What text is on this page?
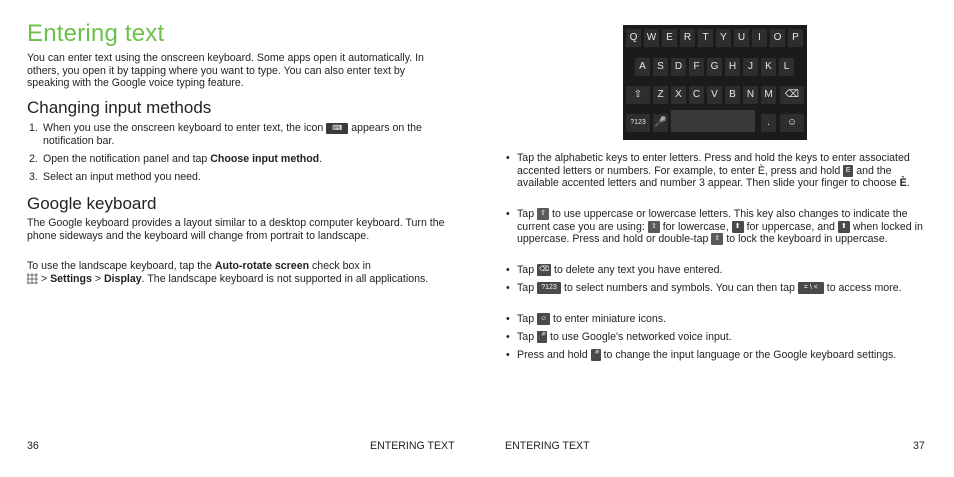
Entering text

You can enter text using the onscreen keyboard. Some apps open it automatically. In others, you open it by tapping where you want to type. You can also enter text by speaking with the Google voice typing feature.

Changing input methods
1. When you use the onscreen keyboard to enter text, the icon ⌨ appears on the notification bar.
2. Open the notification panel and tap Choose input method.
3. Select an input method you need.
Google keyboard

The Google keyboard provides a layout similar to a desktop computer keyboard. Turn the phone sideways and the keyboard will change from portrait to landscape.

To use the landscape keyboard, tap the Auto-rotate screen check box in
> Settings > Display. The landscape keyboard is not supported in all applications.

36	ENTERING TEXT
Q W E	R	T	Y	U	I	O	P
A	S	D	F	G	H	J	K	L
⇧	Z	X	C	V	B	N	M	⌫
?123 🎤	.	☺
• Tap the alphabetic keys to enter letters. Press and hold the keys to enter associated accented letters or numbers. For example, to enter È, press and hold E and the available accented letters and number 3 appear. Then slide your finger to choose È.
• Tap ⇧ to use uppercase or lowercase letters. This key also changes to indicate the current case you are using: ⇧ for lowercase, ⬆ for uppercase, and ⬆ when locked in uppercase. Press and hold or double-tap ⇧ to lock the keyboard in uppercase.
• Tap ⌫ to delete any text you have entered.
• Tap ?123 to select numbers and symbols. You can then tap = \ < to access more.
• Tap ☺ to enter miniature icons.
• Tap 🎤 to use Google's networked voice input.
• Press and hold 🎤 to change the input language or the Google keyboard settings.
ENTERING TEXT	37
